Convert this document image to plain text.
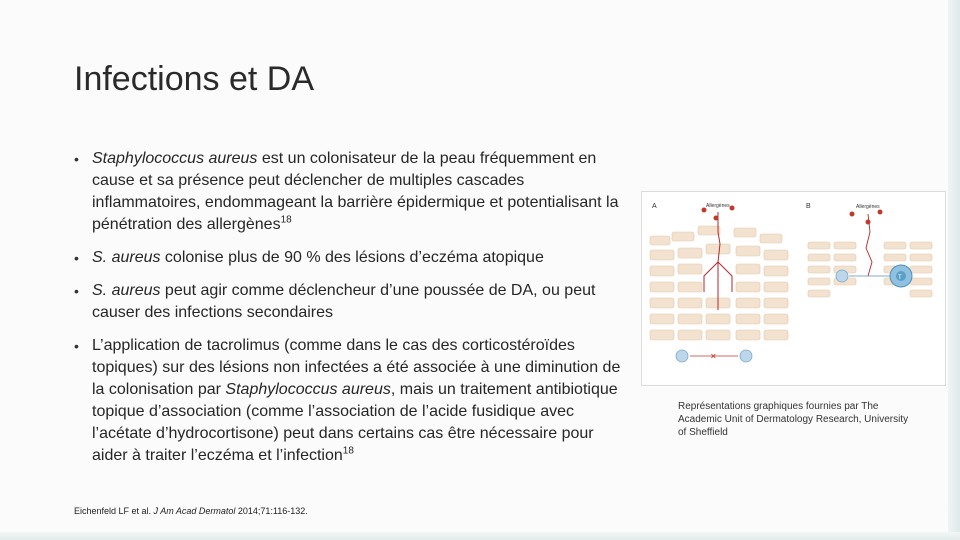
Infections et DA
• Staphylococcus aureus est un colonisateur de la peau fréquemment en cause et sa présence peut déclencher de multiples cascades inflammatoires, endommageant la barrière épidermique et potentialisant la pénétration des allergènes$^{18}$
• S. aureus colonise plus de 90 % des lésions d’eczéma atopique
• S. aureus peut agir comme déclencheur d’une poussée de DA, ou peut causer des infections secondaires
• L’application de tacrolimus (comme dans le cas des corticostéroïdes topiques) sur des lésions non infectées a été associée à une diminution de la colonisation par Staphylococcus aureus, mais un traitement antibiotique topique d’association (comme l’association de l’acide fusidique avec l’acétate d’hydrocortisone) peut dans certains cas être nécessaire pour aider à traiter l’eczéma et l’infection$^{18}$
A	Allergènes
✕
B	Allergènes
T
Représentations graphiques fournies par The Academic Unit of Dermatology Research, University of Sheffield
Eichenfeld LF et al. J Am Acad Dermatol 2014;71:116-132.
